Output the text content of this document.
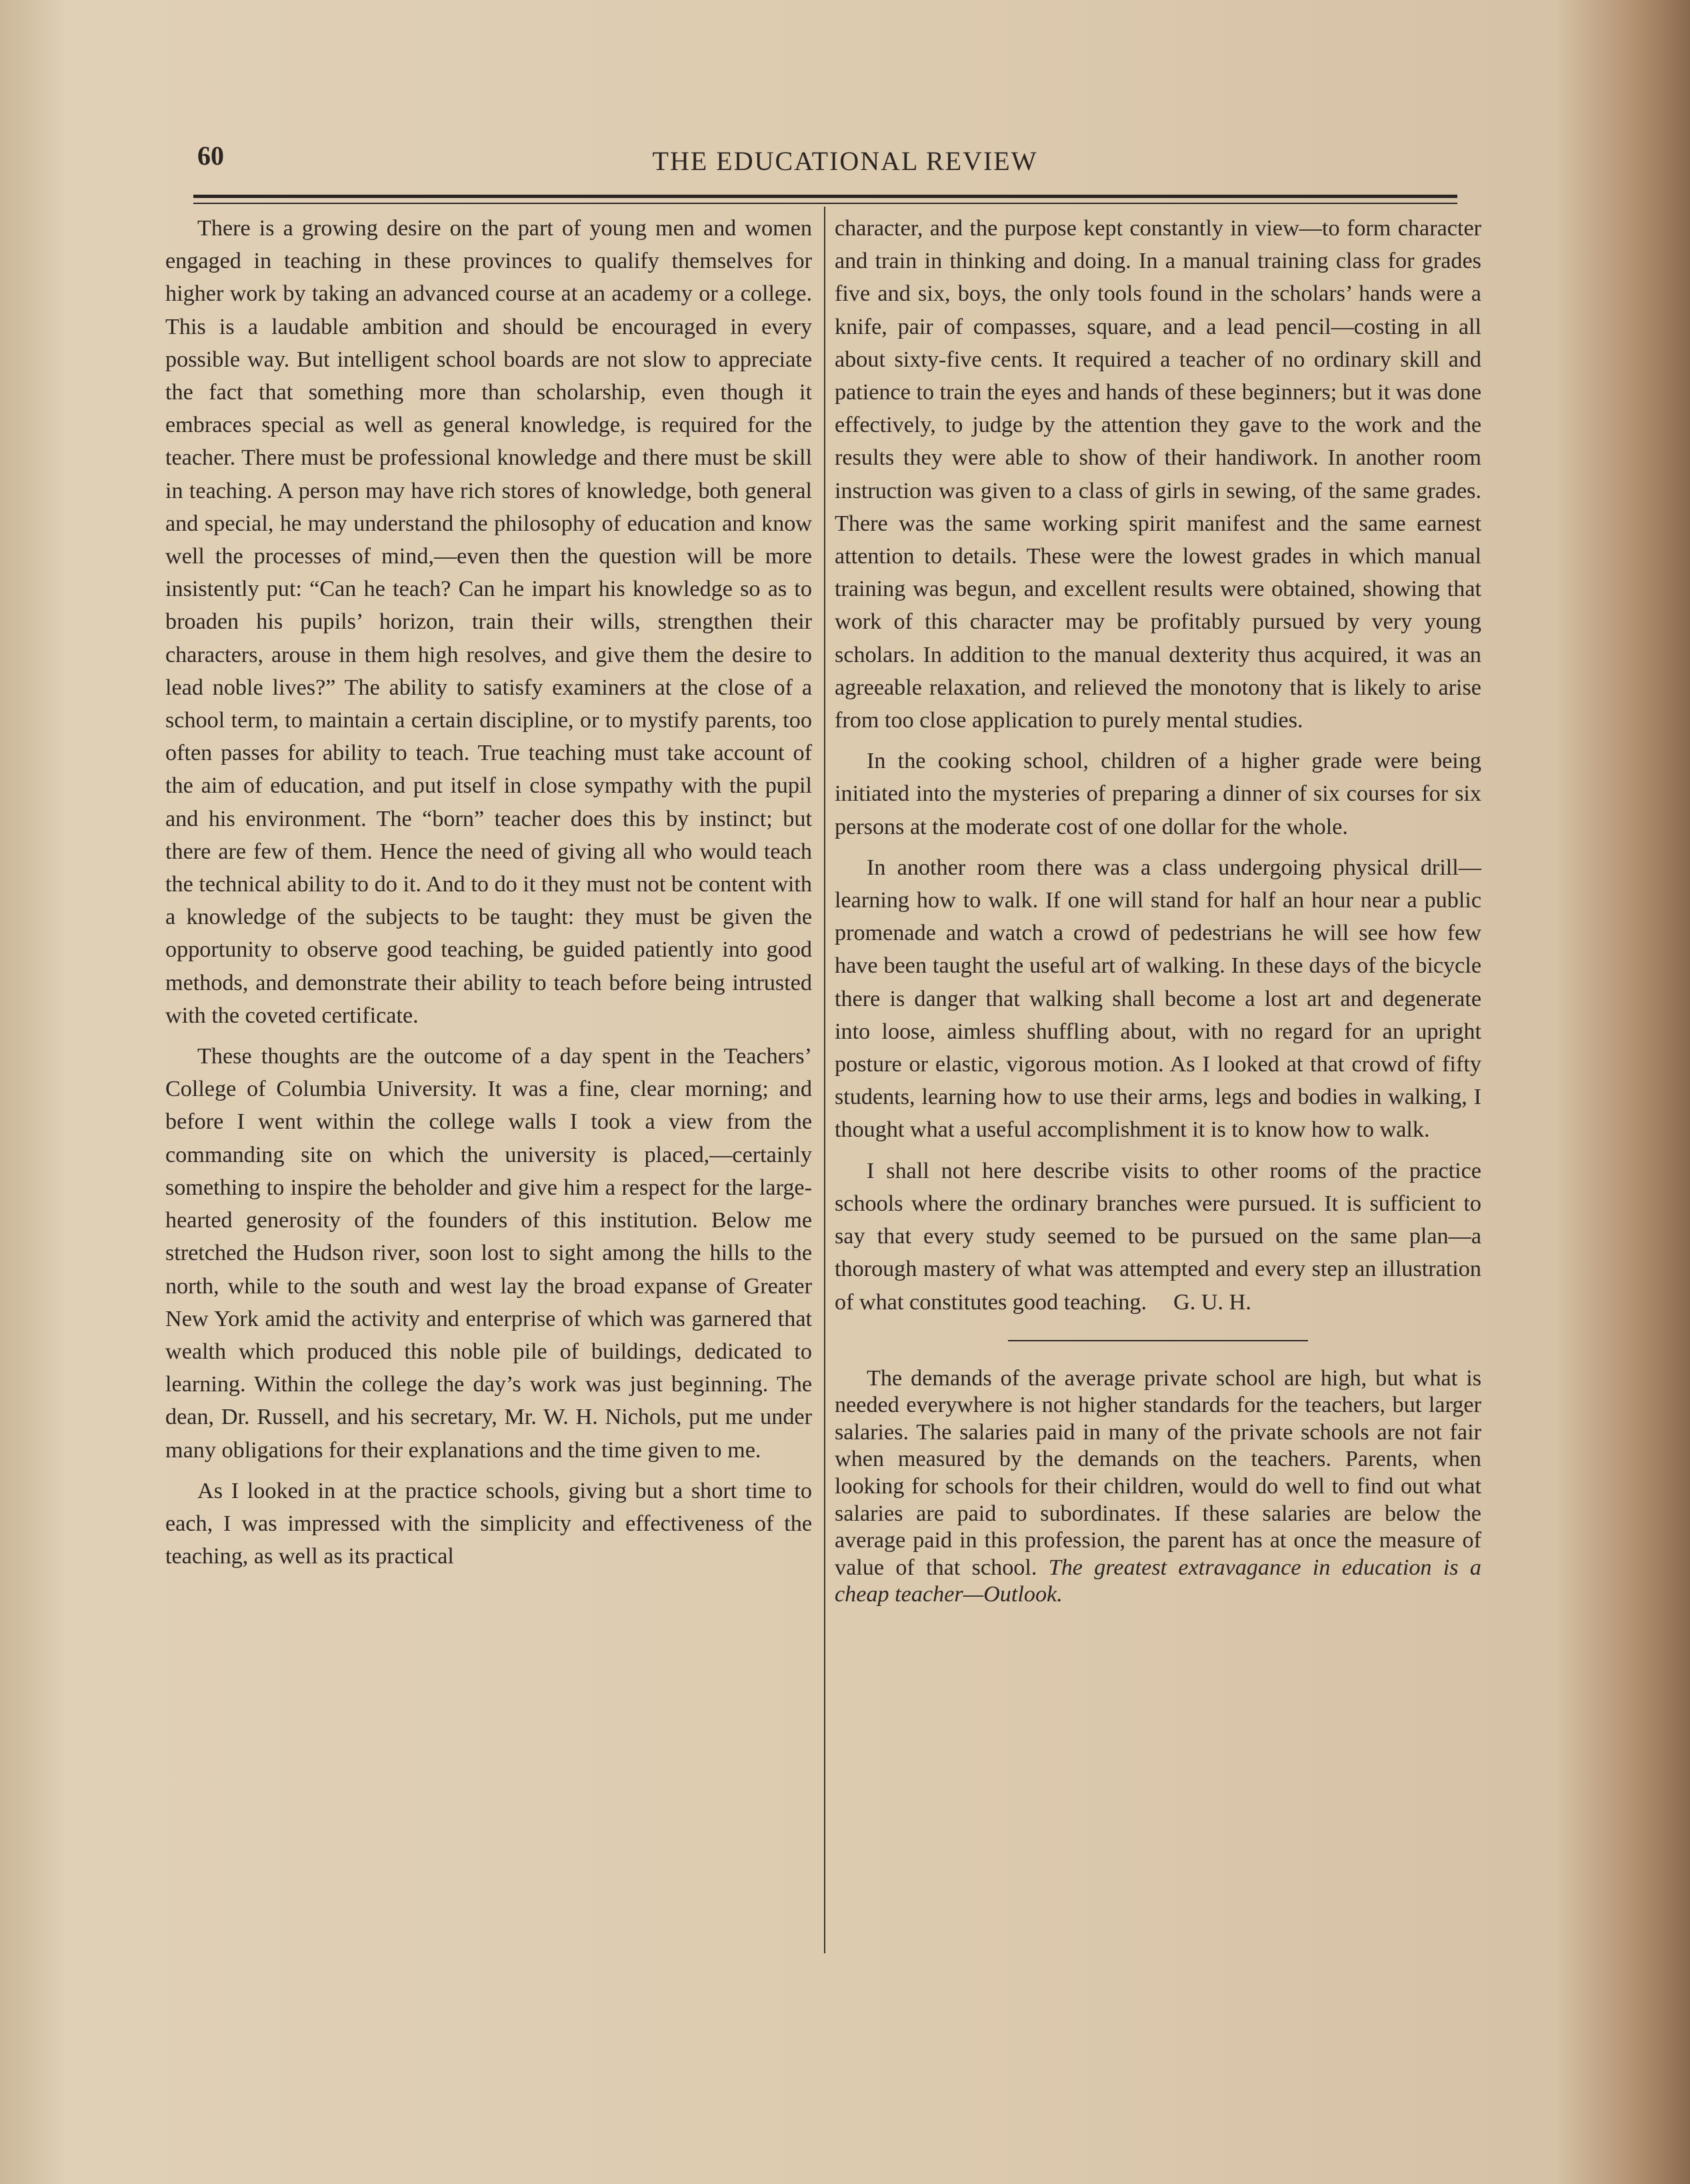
60	THE EDUCATIONAL REVIEW

There is a growing desire on the part of young men and women engaged in teaching in these provinces to qualify themselves for higher work by taking an advanced course at an academy or a college. This is a laudable ambition and should be encouraged in every possible way. But intelligent school boards are not slow to appreciate the fact that something more than scholarship, even though it embraces special as well as general knowledge, is required for the teacher. There must be professional knowledge and there must be skill in teaching. A person may have rich stores of knowledge, both general and special, he may understand the philosophy of education and know well the processes of mind,—even then the question will be more insistently put: “Can he teach? Can he impart his knowledge so as to broaden his pupils’ horizon, train their wills, strengthen their characters, arouse in them high resolves, and give them the desire to lead noble lives?” The ability to satisfy examiners at the close of a school term, to maintain a certain discipline, or to mystify parents, too often passes for ability to teach. True teaching must take account of the aim of education, and put itself in close sympathy with the pupil and his environment. The “born” teacher does this by instinct; but there are few of them. Hence the need of giving all who would teach the technical ability to do it. And to do it they must not be content with a knowledge of the subjects to be taught: they must be given the opportunity to observe good teaching, be guided patiently into good methods, and demonstrate their ability to teach before being intrusted with the coveted certificate.

These thoughts are the outcome of a day spent in the Teachers’ College of Columbia University. It was a fine, clear morning; and before I went within the college walls I took a view from the commanding site on which the university is placed,—certainly something to inspire the beholder and give him a respect for the large-hearted generosity of the founders of this institution. Below me stretched the Hudson river, soon lost to sight among the hills to the north, while to the south and west lay the broad expanse of Greater New York amid the activity and enterprise of which was garnered that wealth which produced this noble pile of buildings, dedicated to learning. Within the college the day’s work was just beginning. The dean, Dr. Russell, and his secretary, Mr. W. H. Nichols, put me under many obligations for their explanations and the time given to me.

As I looked in at the practice schools, giving but a short time to each, I was impressed with the simplicity and effectiveness of the teaching, as well as its practical

character, and the purpose kept constantly in view—to form character and train in thinking and doing. In a manual training class for grades five and six, boys, the only tools found in the scholars’ hands were a knife, pair of compasses, square, and a lead pencil—costing in all about sixty-five cents. It required a teacher of no ordinary skill and patience to train the eyes and hands of these beginners; but it was done effectively, to judge by the attention they gave to the work and the results they were able to show of their handiwork. In another room instruction was given to a class of girls in sewing, of the same grades. There was the same working spirit manifest and the same earnest attention to details. These were the lowest grades in which manual training was begun, and excellent results were obtained, showing that work of this character may be profitably pursued by very young scholars. In addition to the manual dexterity thus acquired, it was an agreeable relaxation, and relieved the monotony that is likely to arise from too close application to purely mental studies.

In the cooking school, children of a higher grade were being initiated into the mysteries of preparing a dinner of six courses for six persons at the moderate cost of one dollar for the whole.

In another room there was a class undergoing physical drill—learning how to walk. If one will stand for half an hour near a public promenade and watch a crowd of pedestrians he will see how few have been taught the useful art of walking. In these days of the bicycle there is danger that walking shall become a lost art and degenerate into loose, aimless shuffling about, with no regard for an upright posture or elastic, vigorous motion. As I looked at that crowd of fifty students, learning how to use their arms, legs and bodies in walking, I thought what a useful accomplishment it is to know how to walk.

I shall not here describe visits to other rooms of the practice schools where the ordinary branches were pursued. It is sufficient to say that every study seemed to be pursued on the same plan—a thorough mastery of what was attempted and every step an illustration of what constitutes good teaching. G. U. H.

The demands of the average private school are high, but what is needed everywhere is not higher standards for the teachers, but larger salaries. The salaries paid in many of the private schools are not fair when measured by the demands on the teachers. Parents, when looking for schools for their children, would do well to find out what salaries are paid to subordinates. If these salaries are below the average paid in this profession, the parent has at once the measure of value of that school. The greatest extravagance in education is a cheap teacher—Outlook.
